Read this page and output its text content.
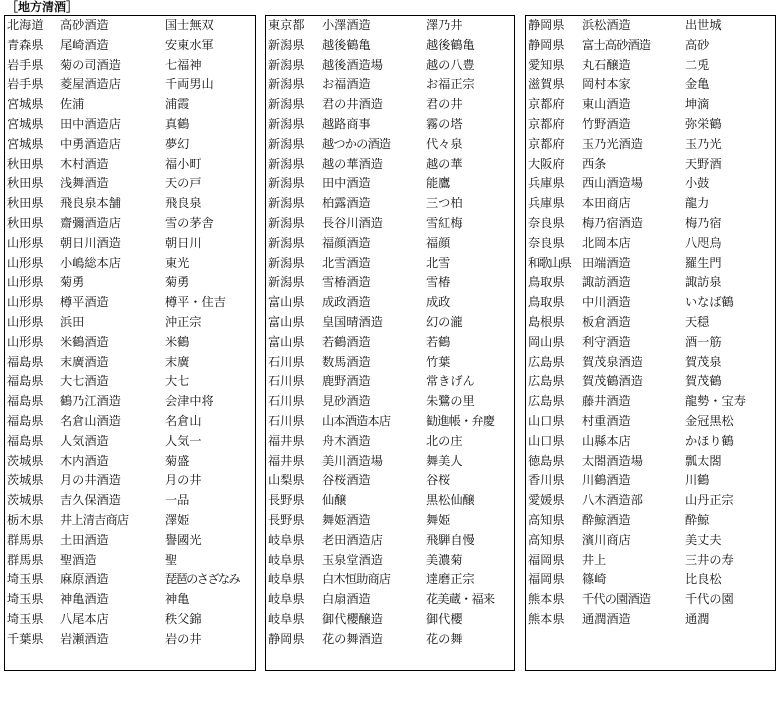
［地方清酒］
北海道 高砂酒造	国士無双
青森県 尾崎酒造	安東水軍
岩手県 菊の司酒造	七福神
岩手県 菱屋酒造店	千両男山
宮城県 佐浦	浦霞
宮城県 田中酒造店	真鶴
宮城県 中勇酒造店	夢幻
秋田県 木村酒造	福小町
秋田県 浅舞酒造	天の戸
秋田県 飛良泉本舗	飛良泉
秋田県 齋彌酒造店	雪の茅舎
山形県 朝日川酒造	朝日川
山形県 小嶋総本店	東光
山形県 菊勇	菊勇
山形県 樽平酒造	樽平・住吉
山形県 浜田	沖正宗
山形県 米鶴酒造	米鶴
福島県 末廣酒造	末廣
福島県 大七酒造	大七
福島県 鶴乃江酒造	会津中将
福島県 名倉山酒造	名倉山
福島県 人気酒造	人気一
茨城県 木内酒造	菊盛
茨城県 月の井酒造	月の井
茨城県 吉久保酒造	一品
栃木県 井上清吉商店	澤姫
群馬県 土田酒造	譽國光
群馬県 聖酒造	聖
埼玉県 麻原酒造	琵琶のさざなみ
埼玉県 神亀酒造	神亀
埼玉県 八尾本店	秩父錦
千葉県 岩瀬酒造	岩の井
東京都 小澤酒造	澤乃井
新潟県 越後鶴亀	越後鶴亀
新潟県 越後酒造場	越の八豊
新潟県 お福酒造	お福正宗
新潟県 君の井酒造	君の井
新潟県 越路商事	霧の塔
新潟県 越つかの酒造	代々泉
新潟県 越の華酒造	越の華
新潟県 田中酒造	能鷹
新潟県 柏露酒造	三つ柏
新潟県 長谷川酒造	雪紅梅
新潟県 福顔酒造	福顔
新潟県 北雪酒造	北雪
新潟県 雪椿酒造	雪椿
富山県 成政酒造	成政
富山県 皇国晴酒造	幻の瀧
富山県 若鶴酒造	若鶴
石川県 数馬酒造	竹葉
石川県 鹿野酒造	常きげん
石川県 見砂酒造	朱鷺の里
石川県 山本酒造本店	勧進帳・弁慶
福井県 舟木酒造	北の庄
福井県 美川酒造場	舞美人
山梨県 谷桜酒造	谷桜
長野県 仙醸	黒松仙醸
長野県 舞姫酒造	舞姫
岐阜県 老田酒造店	飛騨自慢
岐阜県 玉泉堂酒造	美濃菊
岐阜県 白木恒助商店	達磨正宗
岐阜県 白扇酒造	花美蔵・福来
岐阜県 御代櫻醸造	御代櫻
静岡県 花の舞酒造	花の舞
静岡県 浜松酒造	出世城
静岡県 富士高砂酒造	高砂
愛知県 丸石醸造	二兎
滋賀県 岡村本家	金亀
京都府 東山酒造	坤滴
京都府 竹野酒造	弥栄鶴
京都府 玉乃光酒造	玉乃光
大阪府 西条	天野酒
兵庫県 西山酒造場	小鼓
兵庫県 本田商店	龍力
奈良県 梅乃宿酒造	梅乃宿
奈良県 北岡本店	八咫烏
和歌山県 田端酒造	羅生門
鳥取県 諏訪酒造	諏訪泉
鳥取県 中川酒造	いなば鶴
島根県 板倉酒造	天穏
岡山県 利守酒造	酒一筋
広島県 賀茂泉酒造	賀茂泉
広島県 賀茂鶴酒造	賀茂鶴
広島県 藤井酒造	龍勢・宝寿
山口県 村重酒造	金冠黒松
山口県 山縣本店	かほり鶴
徳島県 太閤酒造場	瓢太閤
香川県 川鶴酒造	川鶴
愛媛県 八木酒造部	山丹正宗
高知県 酔鯨酒造	酔鯨
高知県 濱川商店	美丈夫
福岡県 井上	三井の寿
福岡県 篠崎	比良松
熊本県 千代の園酒造	千代の園
熊本県 通潤酒造	通潤
